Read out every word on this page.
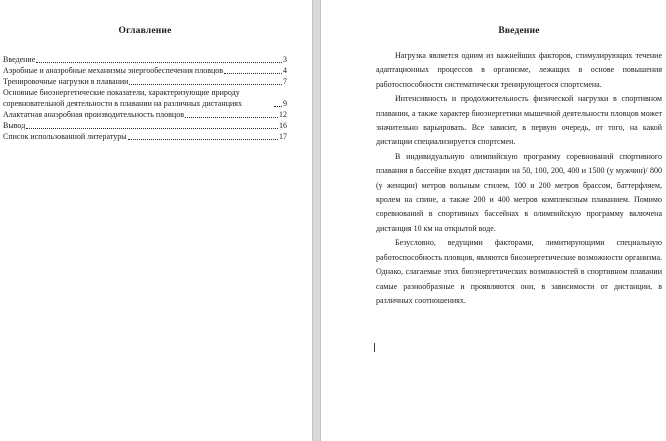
Оглавление
Введение	3
Аэробные и анаэробные механизмы энергообеспечения пловцов	4
Тренировочные нагрузки в плавании	7
Основные биоэнергетические показатели, характеризующие природу соревновательной деятельности в плавании на различных дистанциях	9
Алактатная анаэробная производительность пловцов	12
Вывод	16
Список использованной литературы	17
Введение

Нагрузка является одним из важнейших факторов, стимулирующих течение адаптационных процессов в организме, лежащих в основе повышения работоспособности систематически тренирующегося спортсмена.

Интенсивность и продолжительность физической нагрузки в спортивном плавании, а также характер биоэнергетики мышечной деятельности пловцов может значительно варьировать. Все зависит, в первую очередь, от того, на какой дистанции специализируется спортсмен.

В индивидуальную олимпийскую программу соревнований спортивного плавания в бассейне входят дистанции на 50, 100, 200, 400 и 1500 (у мужчин)/ 800 (у женщин) метров вольным стилем, 100 и 200 метров брассом, баттерфляем, кролем на спине, а также 200 и 400 метров комплексным плаванием. Помимо соревнований в спортивных бассейнах в олимпийскую программу включена дистанция 10 км на открытой воде.

Безусловно, ведущими факторами, лимитирующими специальную работоспособность пловцов, являются биоэнергетические возможности организма. Однако, слагаемые этих биоэнергетических возможностей в спортивном плавании самые разнообразные и проявляются они, в зависимости от дистанции, в различных соотношениях.
